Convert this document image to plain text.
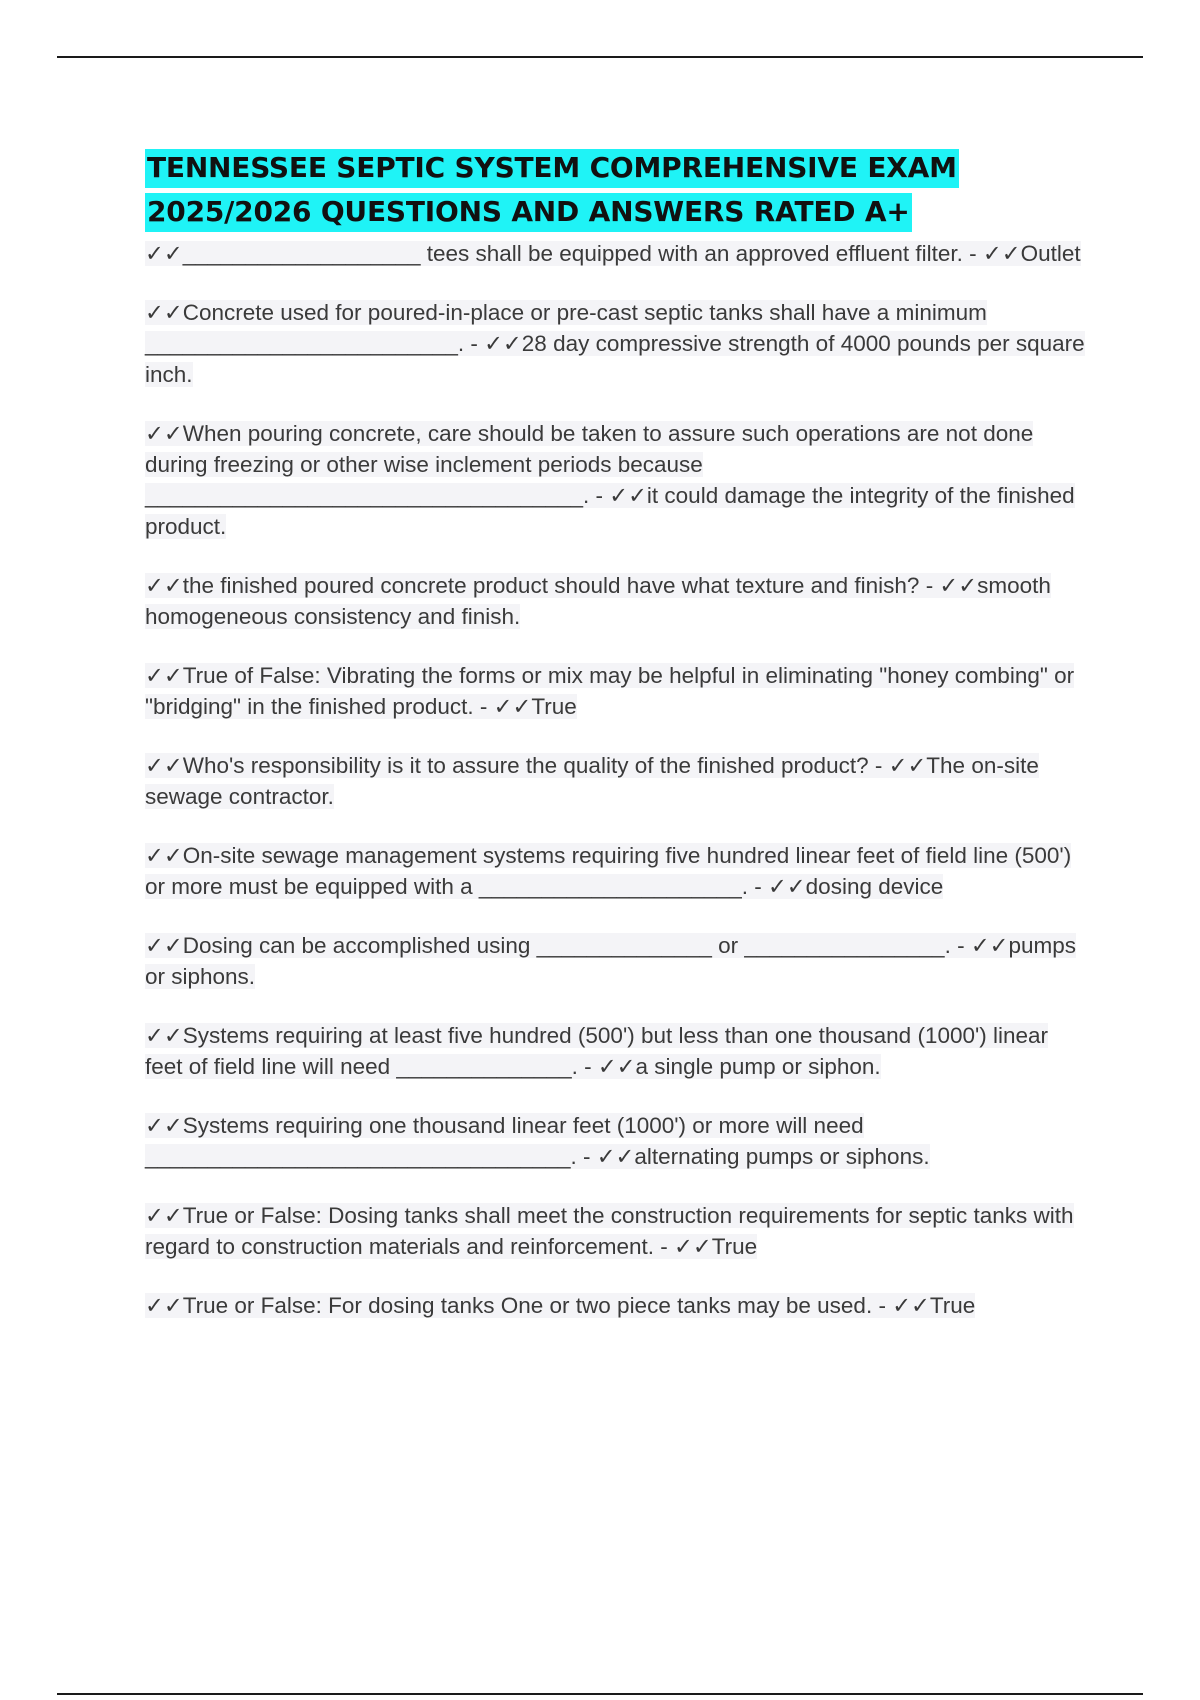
TENNESSEE SEPTIC SYSTEM COMPREHENSIVE EXAM
2025/2026 QUESTIONS AND ANSWERS RATED A+
✓✓___________________ tees shall be equipped with an approved effluent filter. - ✓✓Outlet
✓✓Concrete used for poured-in-place or pre-cast septic tanks shall have a minimum _________________________. - ✓✓28 day compressive strength of 4000 pounds per square inch.
✓✓When pouring concrete, care should be taken to assure such operations are not done during freezing or other wise inclement periods because ___________________________________. - ✓✓it could damage the integrity of the finished product.
✓✓the finished poured concrete product should have what texture and finish? - ✓✓smooth homogeneous consistency and finish.
✓✓True of False: Vibrating the forms or mix may be helpful in eliminating "honey combing" or "bridging" in the finished product. - ✓✓True
✓✓Who's responsibility is it to assure the quality of the finished product? - ✓✓The on-site sewage contractor.
✓✓On-site sewage management systems requiring five hundred linear feet of field line (500') or more must be equipped with a _____________________. - ✓✓dosing device
✓✓Dosing can be accomplished using ______________ or ________________. - ✓✓pumps or siphons.
✓✓Systems requiring at least five hundred (500') but less than one thousand (1000') linear feet of field line will need ______________. - ✓✓a single pump or siphon.
✓✓Systems requiring one thousand linear feet (1000') or more will need __________________________________. - ✓✓alternating pumps or siphons.
✓✓True or False: Dosing tanks shall meet the construction requirements for septic tanks with regard to construction materials and reinforcement. - ✓✓True
✓✓True or False: For dosing tanks One or two piece tanks may be used. - ✓✓True
